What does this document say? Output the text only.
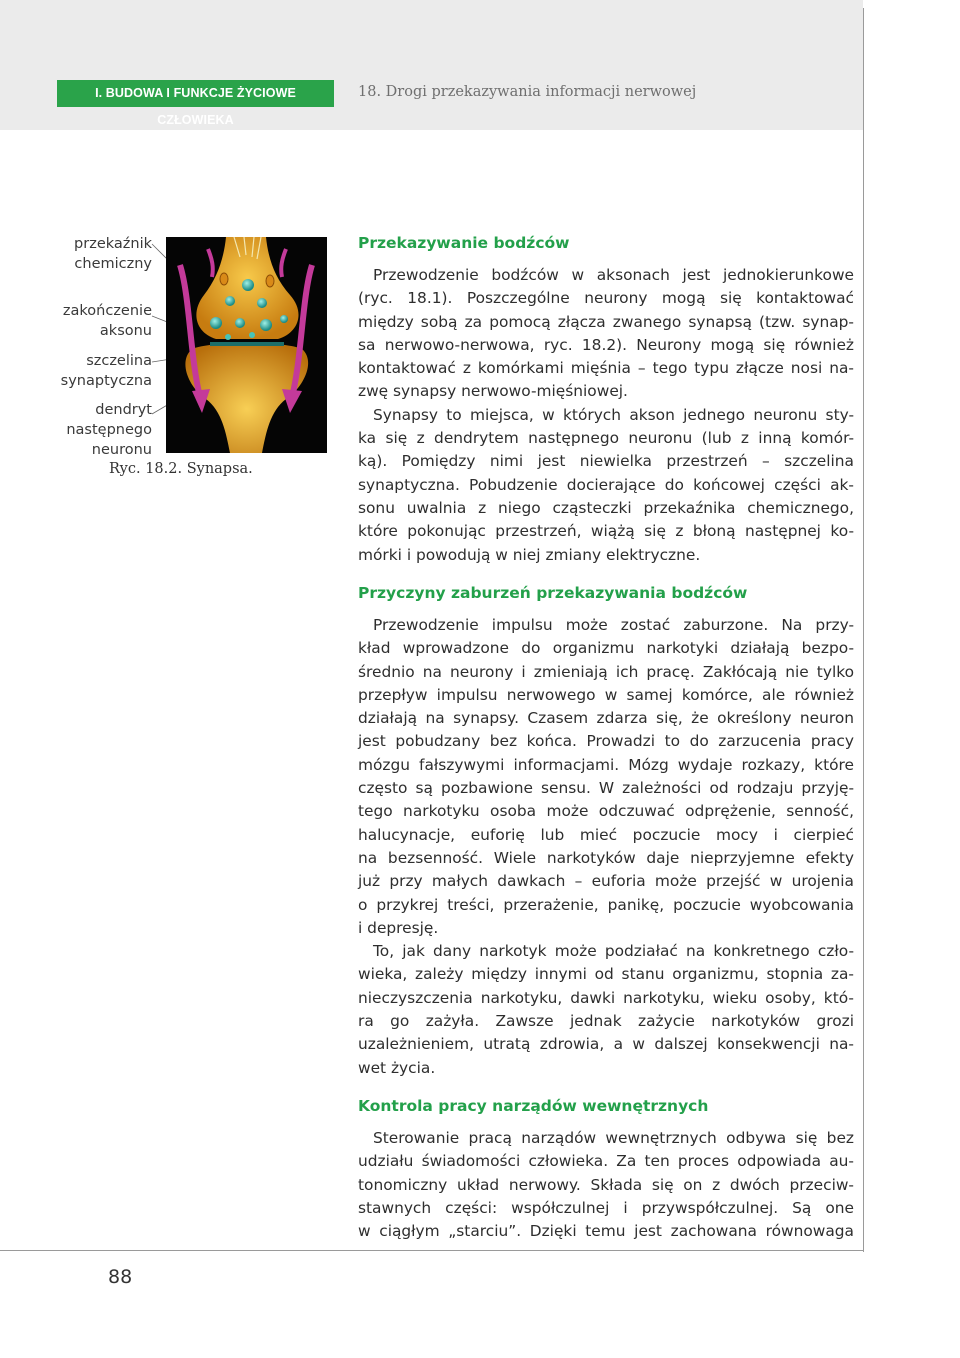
I. BUDOWA I FUNKCJE ŻYCIOWE CZŁOWIEKA
18. Drogi przekazywania informacji nerwowej
przekaźnik
chemiczny
zakończenie
aksonu
szczelina
synaptyczna
dendryt
następnego
neuronu
Ryc. 18.2. Synapsa.
Przekazywanie bodźców
Przewodzenie bodźców w aksonach jest jednokierunkowe
(ryc. 18.1). Poszczególne neurony mogą się kontaktować
między sobą za pomocą złącza zwanego synapsą (tzw. synap-
sa nerwowo-nerwowa, ryc. 18.2). Neurony mogą się również
kontaktować z komórkami mięśnia – tego typu złącze nosi na-
zwę synapsy nerwowo-mięśniowej.
Synapsy to miejsca, w których akson jednego neuronu sty-
ka się z dendrytem następnego neuronu (lub z inną komór-
ką). Pomiędzy nimi jest niewielka przestrzeń – szczelina
synaptyczna. Pobudzenie docierające do końcowej części ak-
sonu uwalnia z niego cząsteczki przekaźnika chemicznego,
które pokonując przestrzeń, wiążą się z błoną następnej ko-
mórki i powodują w niej zmiany elektryczne.
Przyczyny zaburzeń przekazywania bodźców
Przewodzenie impulsu może zostać zaburzone. Na przy-
kład wprowadzone do organizmu narkotyki działają bezpo-
średnio na neurony i zmieniają ich pracę. Zakłócają nie tylko
przepływ impulsu nerwowego w samej komórce, ale również
działają na synapsy. Czasem zdarza się, że określony neuron
jest pobudzany bez końca. Prowadzi to do zarzucenia pracy
mózgu fałszywymi informacjami. Mózg wydaje rozkazy, które
często są pozbawione sensu. W zależności od rodzaju przyję-
tego narkotyku osoba może odczuwać odprężenie, senność,
halucynacje, euforię lub mieć poczucie mocy i cierpieć
na bezsenność. Wiele narkotyków daje nieprzyjemne efekty
już przy małych dawkach – euforia może przejść w urojenia
o przykrej treści, przerażenie, panikę, poczucie wyobcowania
i depresję.
To, jak dany narkotyk może podziałać na konkretnego czło-
wieka, zależy między innymi od stanu organizmu, stopnia za-
nieczyszczenia narkotyku, dawki narkotyku, wieku osoby, któ-
ra go zażyła. Zawsze jednak zażycie narkotyków grozi
uzależnieniem, utratą zdrowia, a w dalszej konsekwencji na-
wet życia.
Kontrola pracy narządów wewnętrznych
Sterowanie pracą narządów wewnętrznych odbywa się bez
udziału świadomości człowieka. Za ten proces odpowiada au-
tonomiczny układ nerwowy. Składa się on z dwóch przeciw-
stawnych części: współczulnej i przywspółczulnej. Są one
w ciągłym „starciu”. Dzięki temu jest zachowana równowaga
88
